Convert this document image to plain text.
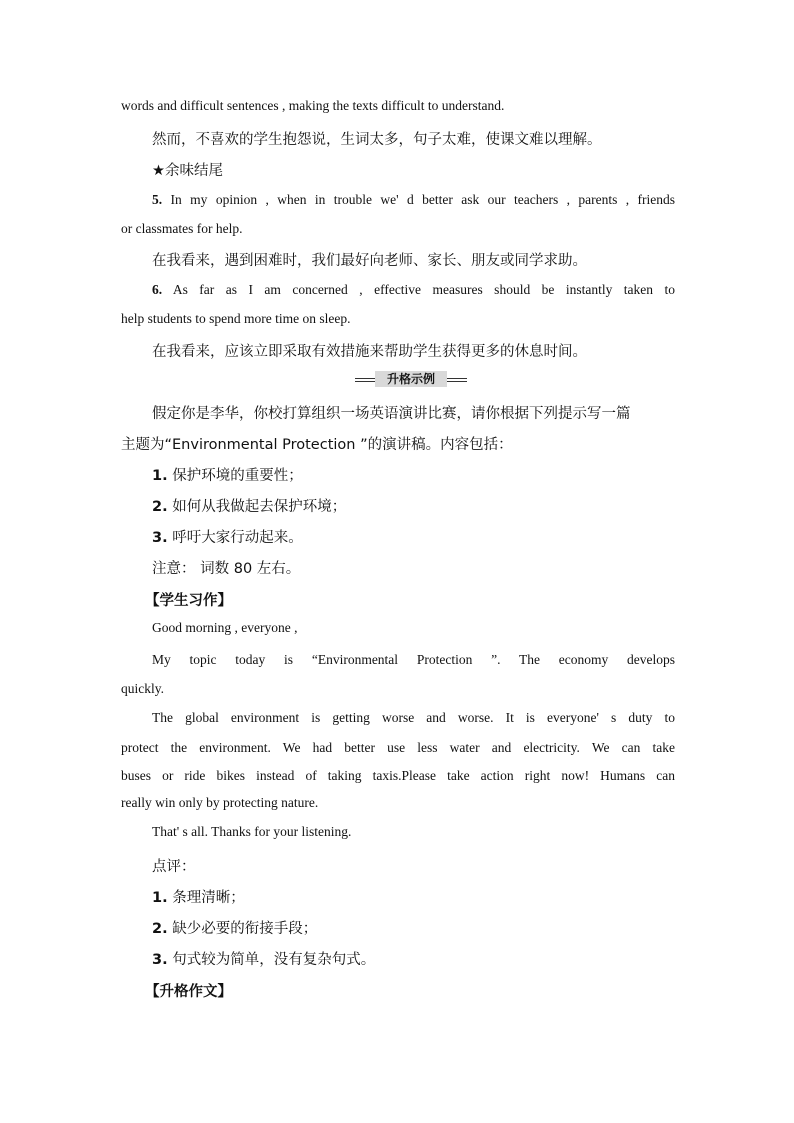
words and difficult sentences , making the texts difficult to understand.
然而，不喜欢的学生抱怨说，生词太多，句子太难，使课文难以理解。
★余味结尾
5. In my opinion , when in trouble we' d better ask our teachers , parents , friends
or classmates for help.
在我看来，遇到困难时，我们最好向老师、家长、朋友或同学求助。
6. As far as I am concerned , effective measures should be instantly taken to
help students to spend more time on sleep.
在我看来，应该立即采取有效措施来帮助学生获得更多的休息时间。
升格示例
假定你是李华，你校打算组织一场英语演讲比赛，请你根据下列提示写一篇
主题为“Environmental Protection ”的演讲稿。内容包括：
1. 保护环境的重要性；
2. 如何从我做起去保护环境；
3. 呼吁大家行动起来。
注意： 词数 80 左右。
【学生习作】
Good morning , everyone ,
My topic today is “Environmental Protection ”. The economy develops
quickly.
The global environment is getting worse and worse. It is everyone' s duty to
protect the environment. We had better use less water and electricity. We can take
buses or ride bikes instead of taking taxis.Please take action right now! Humans can
really win only by protecting nature.
That' s all. Thanks for your listening.
点评：
1. 条理清晰；
2. 缺少必要的衔接手段；
3. 句式较为简单，没有复杂句式。
【升格作文】
